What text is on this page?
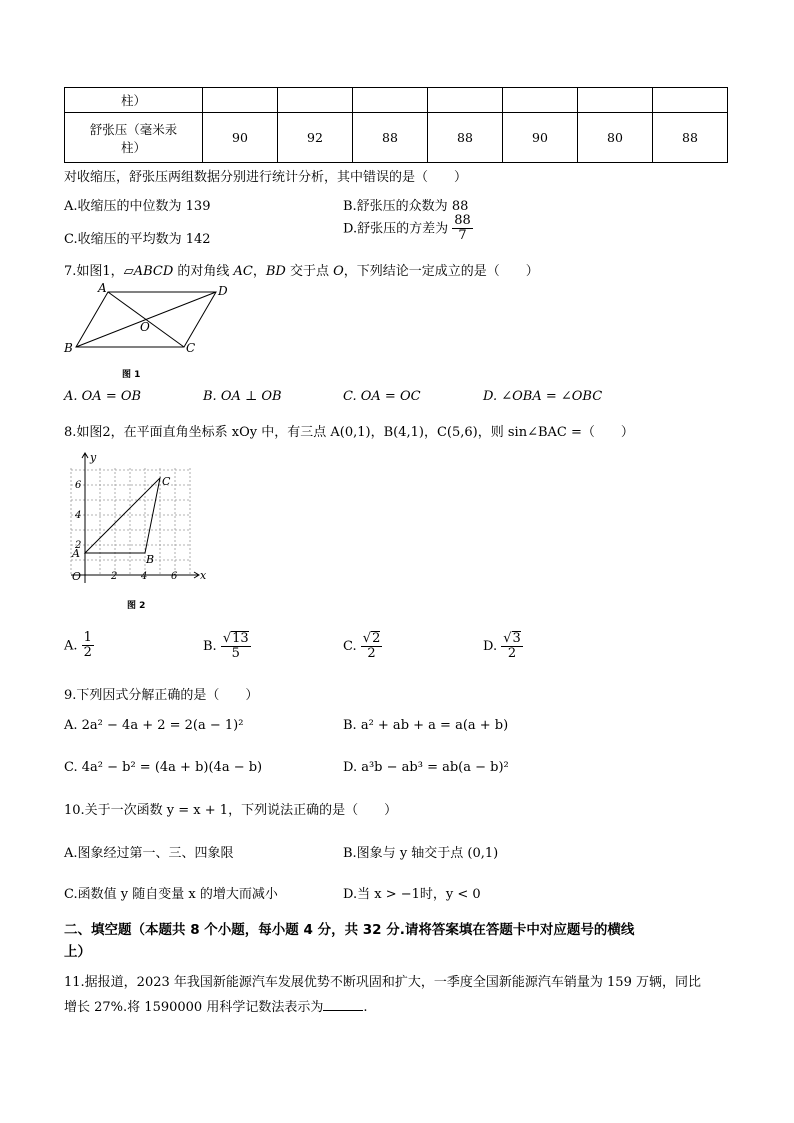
柱）							

舒张压（毫米汞
柱）	90	92	88	88	90	80	88
对收缩压，舒张压两组数据分别进行统计分析，其中错误的是（　　）
A.收缩压的中位数为 139	B.舒张压的众数为 88
C.收缩压的平均数为 142
D.舒张压的方差为 $\frac{88}{7}$
7.如图1，▱ABCD 的对角线 AC，BD 交于点 O，下列结论一定成立的是（　　）
A	D
B	C
O
图 1
A. OA = OB	B. OA ⊥ OB	C. OA = OC	D. ∠OBA = ∠OBC
8.如图2，在平面直角坐标系 xOy 中，有三点 A(0,1)，B(4,1)，C(5,6)，则 sin∠BAC =（　　）
y
x
O
A	B
C
2 4 6
2
4
6
图 2
A. $\frac{1}{2}$	B. $\frac{√13}{5}$	C. $\frac{√2}{2}$	D. $\frac{√3}{2}$
9.下列因式分解正确的是（　　）
A. 2a² − 4a + 2 = 2(a − 1)²	B. a² + ab + a = a(a + b)
C. 4a² − b² = (4a + b)(4a − b)	D. a³b − ab³ = ab(a − b)²
10.关于一次函数 y = x + 1，下列说法正确的是（　　）
A.图象经过第一、三、四象限	B.图象与 y 轴交于点 (0,1)
C.函数值 y 随自变量 x 的增大而减小	D.当 x > −1时，y < 0
二、填空题（本题共 8 个小题，每小题 4 分，共 32 分.请将答案填在答题卡中对应题号的横线
上）
11.据报道，2023 年我国新能源汽车发展优势不断巩固和扩大，一季度全国新能源汽车销量为 159 万辆，同比
增长 27%.将 1590000 用科学记数法表示为	.
